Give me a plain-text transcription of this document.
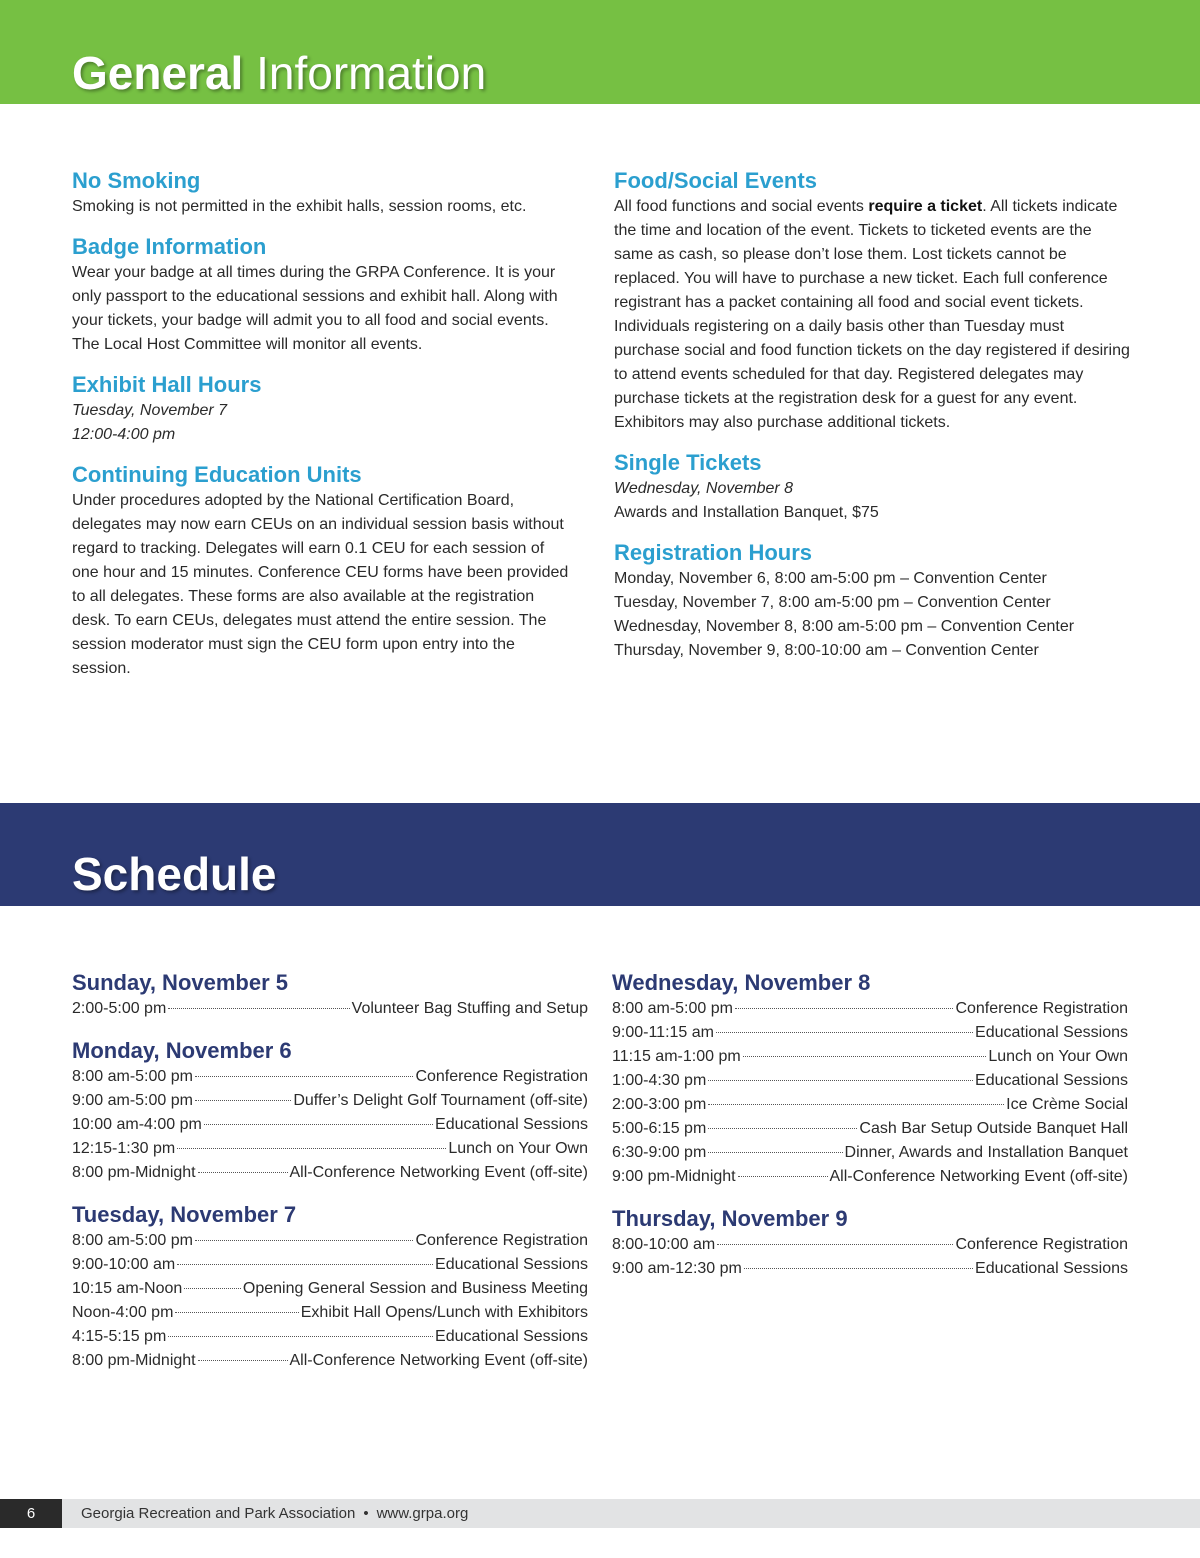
General Information
No Smoking

Smoking is not permitted in the exhibit halls, session rooms, etc.

Badge Information

Wear your badge at all times during the GRPA Conference. It is your only passport to the educational sessions and exhibit hall. Along with your tickets, your badge will admit you to all food and social events. The Local Host Committee will monitor all events.

Exhibit Hall Hours

Tuesday, November 7

12:00-4:00 pm

Continuing Education Units

Under procedures adopted by the National Certification Board, delegates may now earn CEUs on an individual session basis without regard to tracking. Delegates will earn 0.1 CEU for each session of one hour and 15 minutes. Conference CEU forms have been provided to all delegates. These forms are also available at the registration desk. To earn CEUs, delegates must attend the entire session. The session moderator must sign the CEU form upon entry into the session.

Food/Social Events

All food functions and social events require a ticket. All tickets indicate the time and location of the event. Tickets to ticketed events are the same as cash, so please don’t lose them. Lost tickets cannot be replaced. You will have to purchase a new ticket. Each full conference registrant has a packet containing all food and social event tickets. Individuals registering on a daily basis other than Tuesday must purchase social and food function tickets on the day registered if desiring to attend events scheduled for that day. Registered delegates may purchase tickets at the registration desk for a guest for any event. Exhibitors may also purchase additional tickets.

Single Tickets

Wednesday, November 8

Awards and Installation Banquet, $75

Registration Hours

Monday, November 6, 8:00 am-5:00 pm – Convention Center

Tuesday, November 7, 8:00 am-5:00 pm – Convention Center

Wednesday, November 8, 8:00 am-5:00 pm – Convention Center

Thursday, November 9, 8:00-10:00 am – Convention Center

Schedule
Sunday, November 5
2:00-5:00 pm	Volunteer Bag Stuffing and Setup
Monday, November 6
8:00 am-5:00 pm	Conference Registration
9:00 am-5:00 pm	Duffer’s Delight Golf Tournament (off-site)
10:00 am-4:00 pm	Educational Sessions
12:15-1:30 pm	Lunch on Your Own
8:00 pm-Midnight	All-Conference Networking Event (off-site)
Tuesday, November 7
8:00 am-5:00 pm	Conference Registration
9:00-10:00 am	Educational Sessions
10:15 am-Noon	Opening General Session and Business Meeting
Noon-4:00 pm	Exhibit Hall Opens/Lunch with Exhibitors
4:15-5:15 pm	Educational Sessions
8:00 pm-Midnight	All-Conference Networking Event (off-site)
Wednesday, November 8
8:00 am-5:00 pm	Conference Registration
9:00-11:15 am	Educational Sessions
11:15 am-1:00 pm	Lunch on Your Own
1:00-4:30 pm	Educational Sessions
2:00-3:00 pm	Ice Crème Social
5:00-6:15 pm	Cash Bar Setup Outside Banquet Hall
6:30-9:00 pm	Dinner, Awards and Installation Banquet
9:00 pm-Midnight	All-Conference Networking Event (off-site)
Thursday, November 9
8:00-10:00 am	Conference Registration
9:00 am-12:30 pm	Educational Sessions
6	Georgia Recreation and Park Association • www.grpa.org
